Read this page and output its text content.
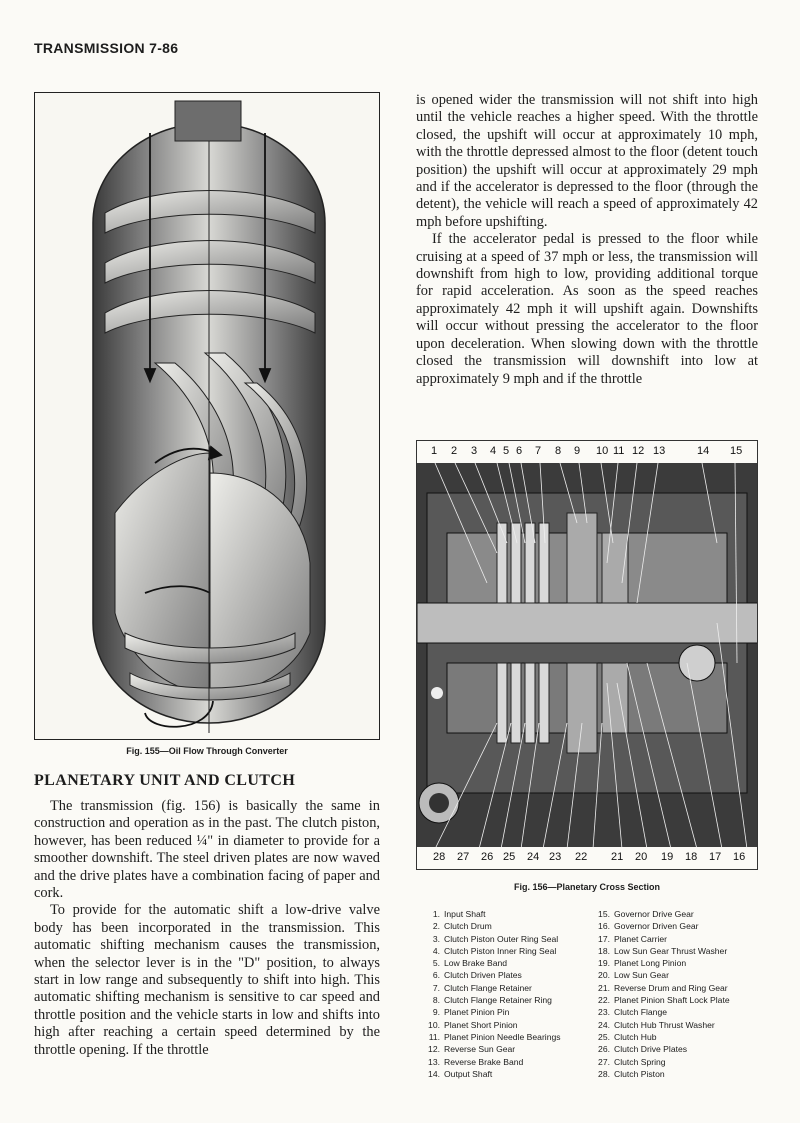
TRANSMISSION 7-86
Fig. 155—Oil Flow Through Converter
PLANETARY UNIT AND CLUTCH

The transmission (fig. 156) is basically the same in construction and operation as in the past. The clutch piston, however, has been reduced ¼" in diameter to provide for a smoother downshift. The steel driven plates are now waved and the drive plates have a combination facing of paper and cork.

To provide for the automatic shift a low-drive valve body has been incorporated in the transmission. This automatic shifting mechanism causes the transmission, when the selector lever is in the "D" position, to always start in low range and subsequently to shift into high. This automatic shifting mechanism is sensitive to car speed and throttle position and the vehicle starts in low and shifts into high after reaching a certain speed determined by the throttle opening. If the throttle

is opened wider the transmission will not shift into high until the vehicle reaches a higher speed. With the throttle closed, the upshift will occur at approximately 10 mph, with the throttle depressed almost to the floor (detent touch position) the upshift will occur at approximately 29 mph and if the accelerator is depressed to the floor (through the detent), the vehicle will reach a speed of approximately 42 mph before upshifting.

If the accelerator pedal is pressed to the floor while cruising at a speed of 37 mph or less, the transmission will downshift from high to low, providing additional torque for rapid acceleration. As soon as the speed reaches approximately 42 mph it will upshift again. Downshifts will occur without pressing the accelerator to the floor upon deceleration. When slowing down with the throttle closed the transmission will downshift into low at approximately 9 mph and if the throttle

1 2 3 4 5 6 7 8 9 10 11 12 13	14 15
28 27 26 25 24 23 22 21 20 19 18 17 16
Fig. 156—Planetary Cross Section
1. Input Shaft
2. Clutch Drum
3. Clutch Piston Outer Ring Seal
4. Clutch Piston Inner Ring Seal
5. Low Brake Band
6. Clutch Driven Plates
7. Clutch Flange Retainer
8. Clutch Flange Retainer Ring
9. Planet Pinion Pin
10. Planet Short Pinion
11. Planet Pinion Needle Bearings
12. Reverse Sun Gear
13. Reverse Brake Band
14. Output Shaft
15. Governor Drive Gear
16. Governor Driven Gear
17. Planet Carrier
18. Low Sun Gear Thrust Washer
19. Planet Long Pinion
20. Low Sun Gear
21. Reverse Drum and Ring Gear
22. Planet Pinion Shaft Lock Plate
23. Clutch Flange
24. Clutch Hub Thrust Washer
25. Clutch Hub
26. Clutch Drive Plates
27. Clutch Spring
28. Clutch Piston
